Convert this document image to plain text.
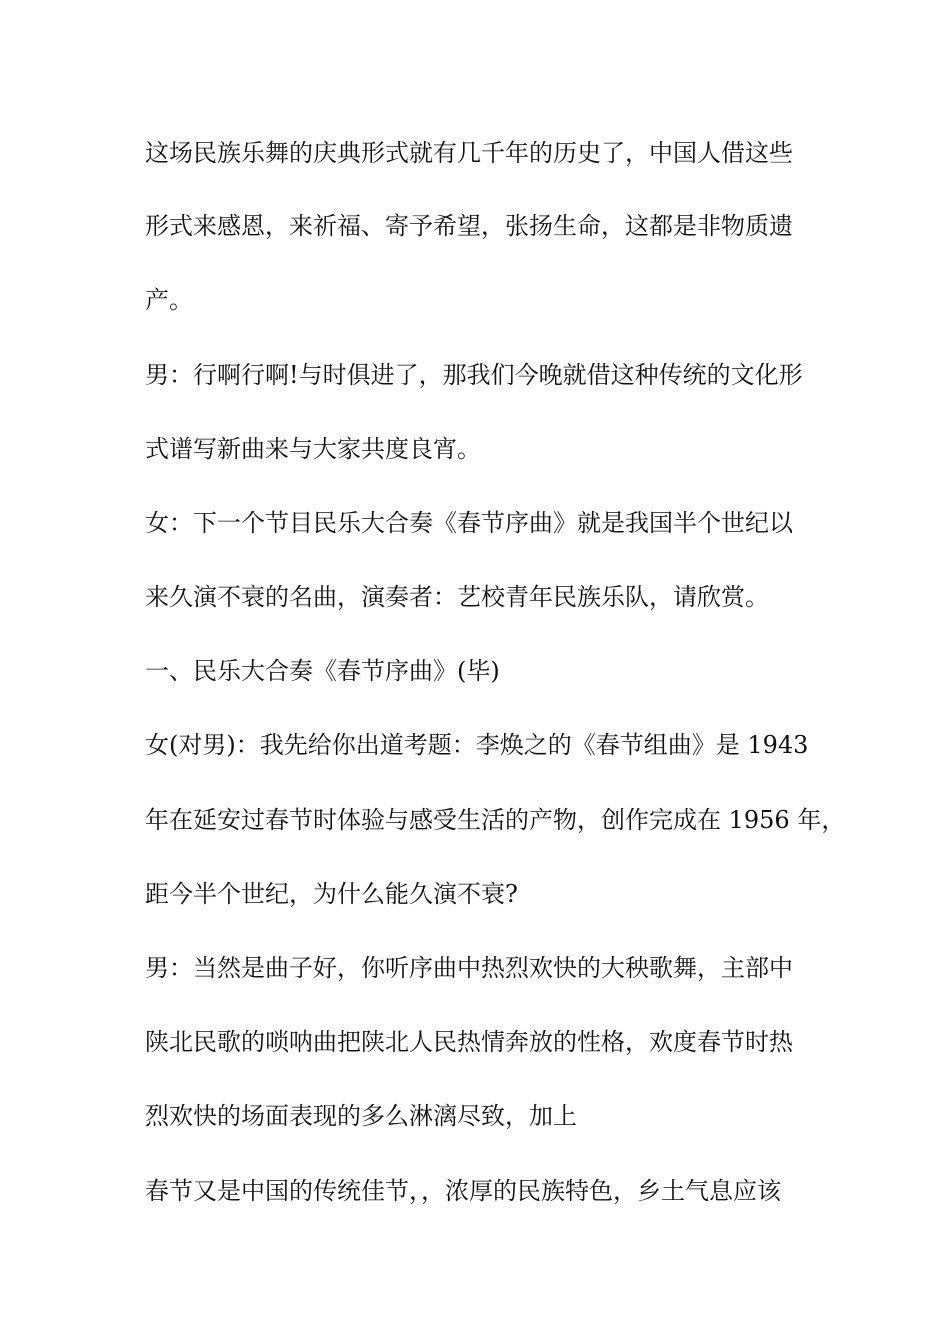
这场民族乐舞的庆典形式就有几千年的历史了，中国人借这些

形式来感恩，来祈福、寄予希望，张扬生命，这都是非物质遗

产。

男：行啊行啊!与时俱进了，那我们今晚就借这种传统的文化形

式谱写新曲来与大家共度良宵。

女：下一个节目民乐大合奏《春节序曲》就是我国半个世纪以

来久演不衰的名曲，演奏者：艺校青年民族乐队，请欣赏。

一、民乐大合奏《春节序曲》(毕)

女(对男)：我先给你出道考题：李焕之的《春节组曲》是 1943

年在延安过春节时体验与感受生活的产物，创作完成在 1956 年，

距今半个世纪，为什么能久演不衰?

男：当然是曲子好，你听序曲中热烈欢快的大秧歌舞，主部中

陕北民歌的唢呐曲把陕北人民热情奔放的性格，欢度春节时热

烈欢快的场面表现的多么淋漓尽致，加上

春节又是中国的传统佳节，，浓厚的民族特色，乡土气息应该
